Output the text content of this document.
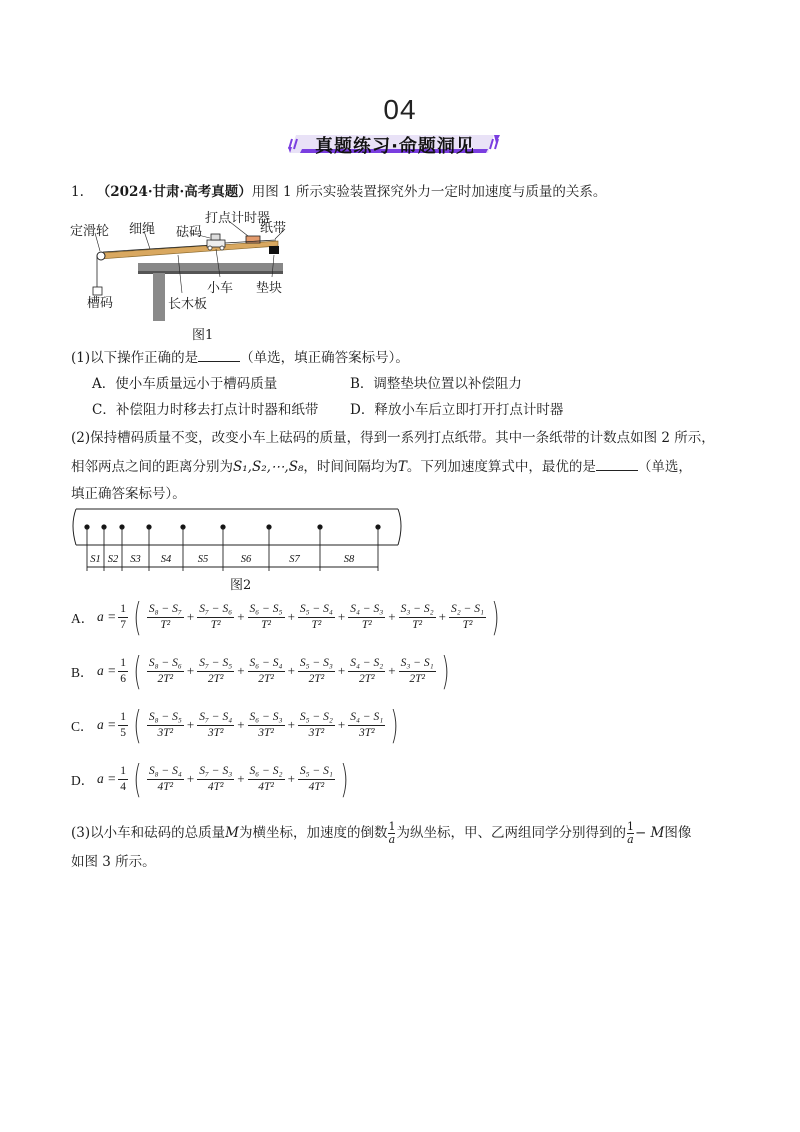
04
真题练习·命题洞见
1. （2024·甘肃·高考真题）用图 1 所示实验装置探究外力一定时加速度与质量的关系。
定滑轮 细绳 砝码
打点计时器
纸带
槽码	长木板
小车 垫块
图1
(1)以下操作正确的是	（单选，填正确答案标号）。
A．使小车质量远小于槽码质量	B．调整垫块位置以补偿阻力
C．补偿阻力时移去打点计时器和纸带 D．释放小车后立即打开打点计时器
(2)保持槽码质量不变，改变小车上砝码的质量，得到一系列打点纸带。其中一条纸带的计数点如图 2 所示，
相邻两点之间的距离分别为S₁,S₂,⋯,S₈，时间间隔均为T。下列加速度算式中，最优的是	（单选，
填正确答案标号）。
S1 S2 S3 S4	S5	S6	S7	S8
图2
A． $a = \frac{1}{7}$ ( $\frac{\text{S₈ − S₇}}{\text{T²}} + \frac{\text{S₇ − S₆}}{\text{T²}} + \frac{\text{S₆ − S₅}}{\text{T²}} + \frac{\text{S₅ − S₄}}{\text{T²}} + \frac{\text{S₄ − S₃}}{\text{T²}} + \frac{\text{S₃ − S₂}}{\text{T²}} + \frac{\text{S₂ − S₁}}{\text{T²}}$ )
B． $a = \frac{1}{6}$ ( $\frac{\text{S₈ − S₆}}{\text{2T²}} + \frac{\text{S₇ − S₅}}{\text{2T²}} + \frac{\text{S₆ − S₄}}{\text{2T²}} + \frac{\text{S₅ − S₃}}{\text{2T²}} + \frac{\text{S₄ − S₂}}{\text{2T²}} + \frac{\text{S₃ − S₁}}{\text{2T²}}$ )
C． $a = \frac{1}{5}$ ( $\frac{\text{S₈ − S₅}}{\text{3T²}} + \frac{\text{S₇ − S₄}}{\text{3T²}} + \frac{\text{S₆ − S₃}}{\text{3T²}} + \frac{\text{S₅ − S₂}}{\text{3T²}} + \frac{\text{S₄ − S₁}}{\text{3T²}}$ )
D． $a = \frac{1}{4}$ ( $\frac{\text{S₈ − S₄}}{\text{4T²}} + \frac{\text{S₇ − S₃}}{\text{4T²}} + \frac{\text{S₆ − S₂}}{\text{4T²}} + \frac{\text{S₅ − S₁}}{\text{4T²}}$ )
(3)以小车和砝码的总质量M为横坐标，加速度的倒数 $\frac{1}{a}$为纵坐标，甲、乙两组同学分别得到的 $\frac{1}{a}- M$图像
如图 3 所示。
